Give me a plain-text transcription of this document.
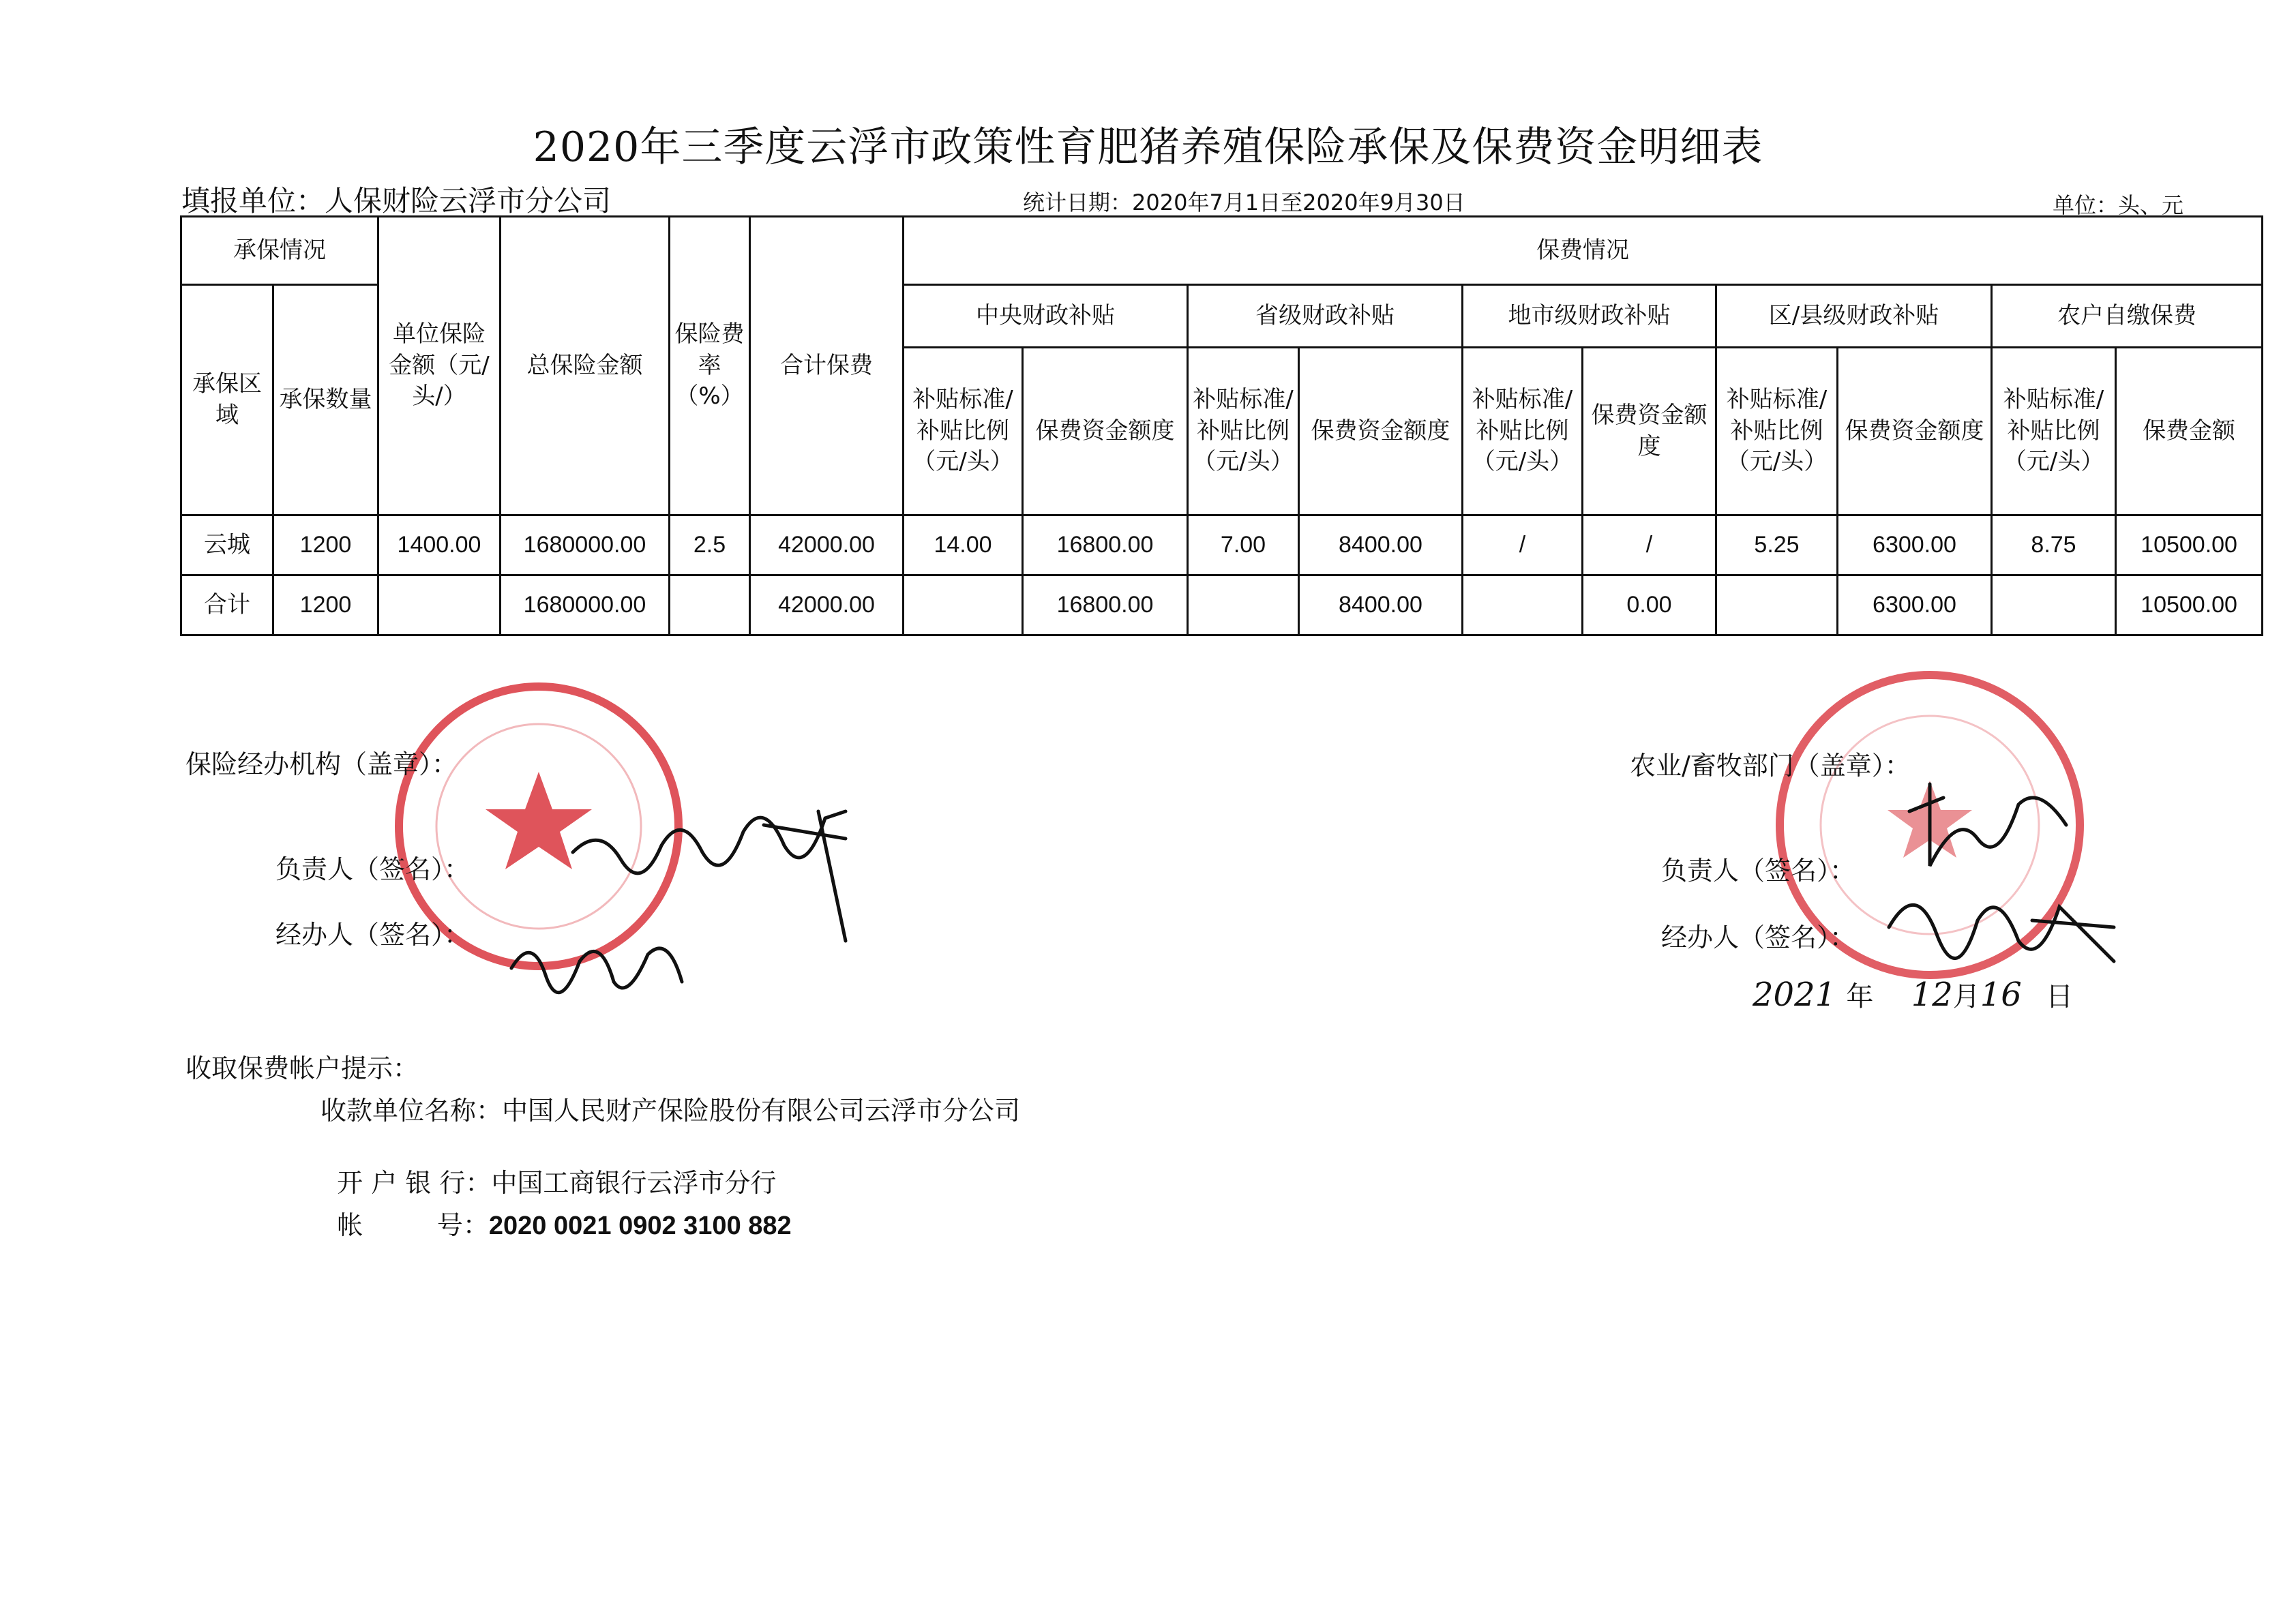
2020年三季度云浮市政策性育肥猪养殖保险承保及保费资金明细表
填报单位：人保财险云浮市分公司	统计日期：2020年7月1日至2020年9月30日	单位：头、元
承保情况		单位保险金额（元/头/）	总保险金额	保险费率（%）	合计保费	保费情况									
承保区域	承保数量					中央财政补贴		省级财政补贴		地市级财政补贴		区/县级财政补贴		农户自缴保费	
						补贴标准/补贴比例（元/头）	保费资金额度	补贴标准/补贴比例（元/头）	保费资金额度	补贴标准/补贴比例（元/头）	保费资金额度	补贴标准/补贴比例（元/头）	保费资金额度	补贴标准/补贴比例（元/头）	保费金额
云城	1200	1400.00	1680000.00	2.5	42000.00	14.00	16800.00	7.00	8400.00	/	/	5.25	6300.00	8.75	10500.00
合计	1200		1680000.00		42000.00		16800.00		8400.00		0.00		6300.00		10500.00
保险经办机构（盖章）：
负责人（签名）：
经办人（签名）：
农业/畜牧部门（盖章）：
负责人（签名）：
经办人（签名）：
2021 年 12月16 日
收取保费帐户提示：
收款单位名称：中国人民财产保险股份有限公司云浮市分公司

开 户 银 行：中国工商银行云浮市分行

帐         号：2020 0021 0902 3100 882
